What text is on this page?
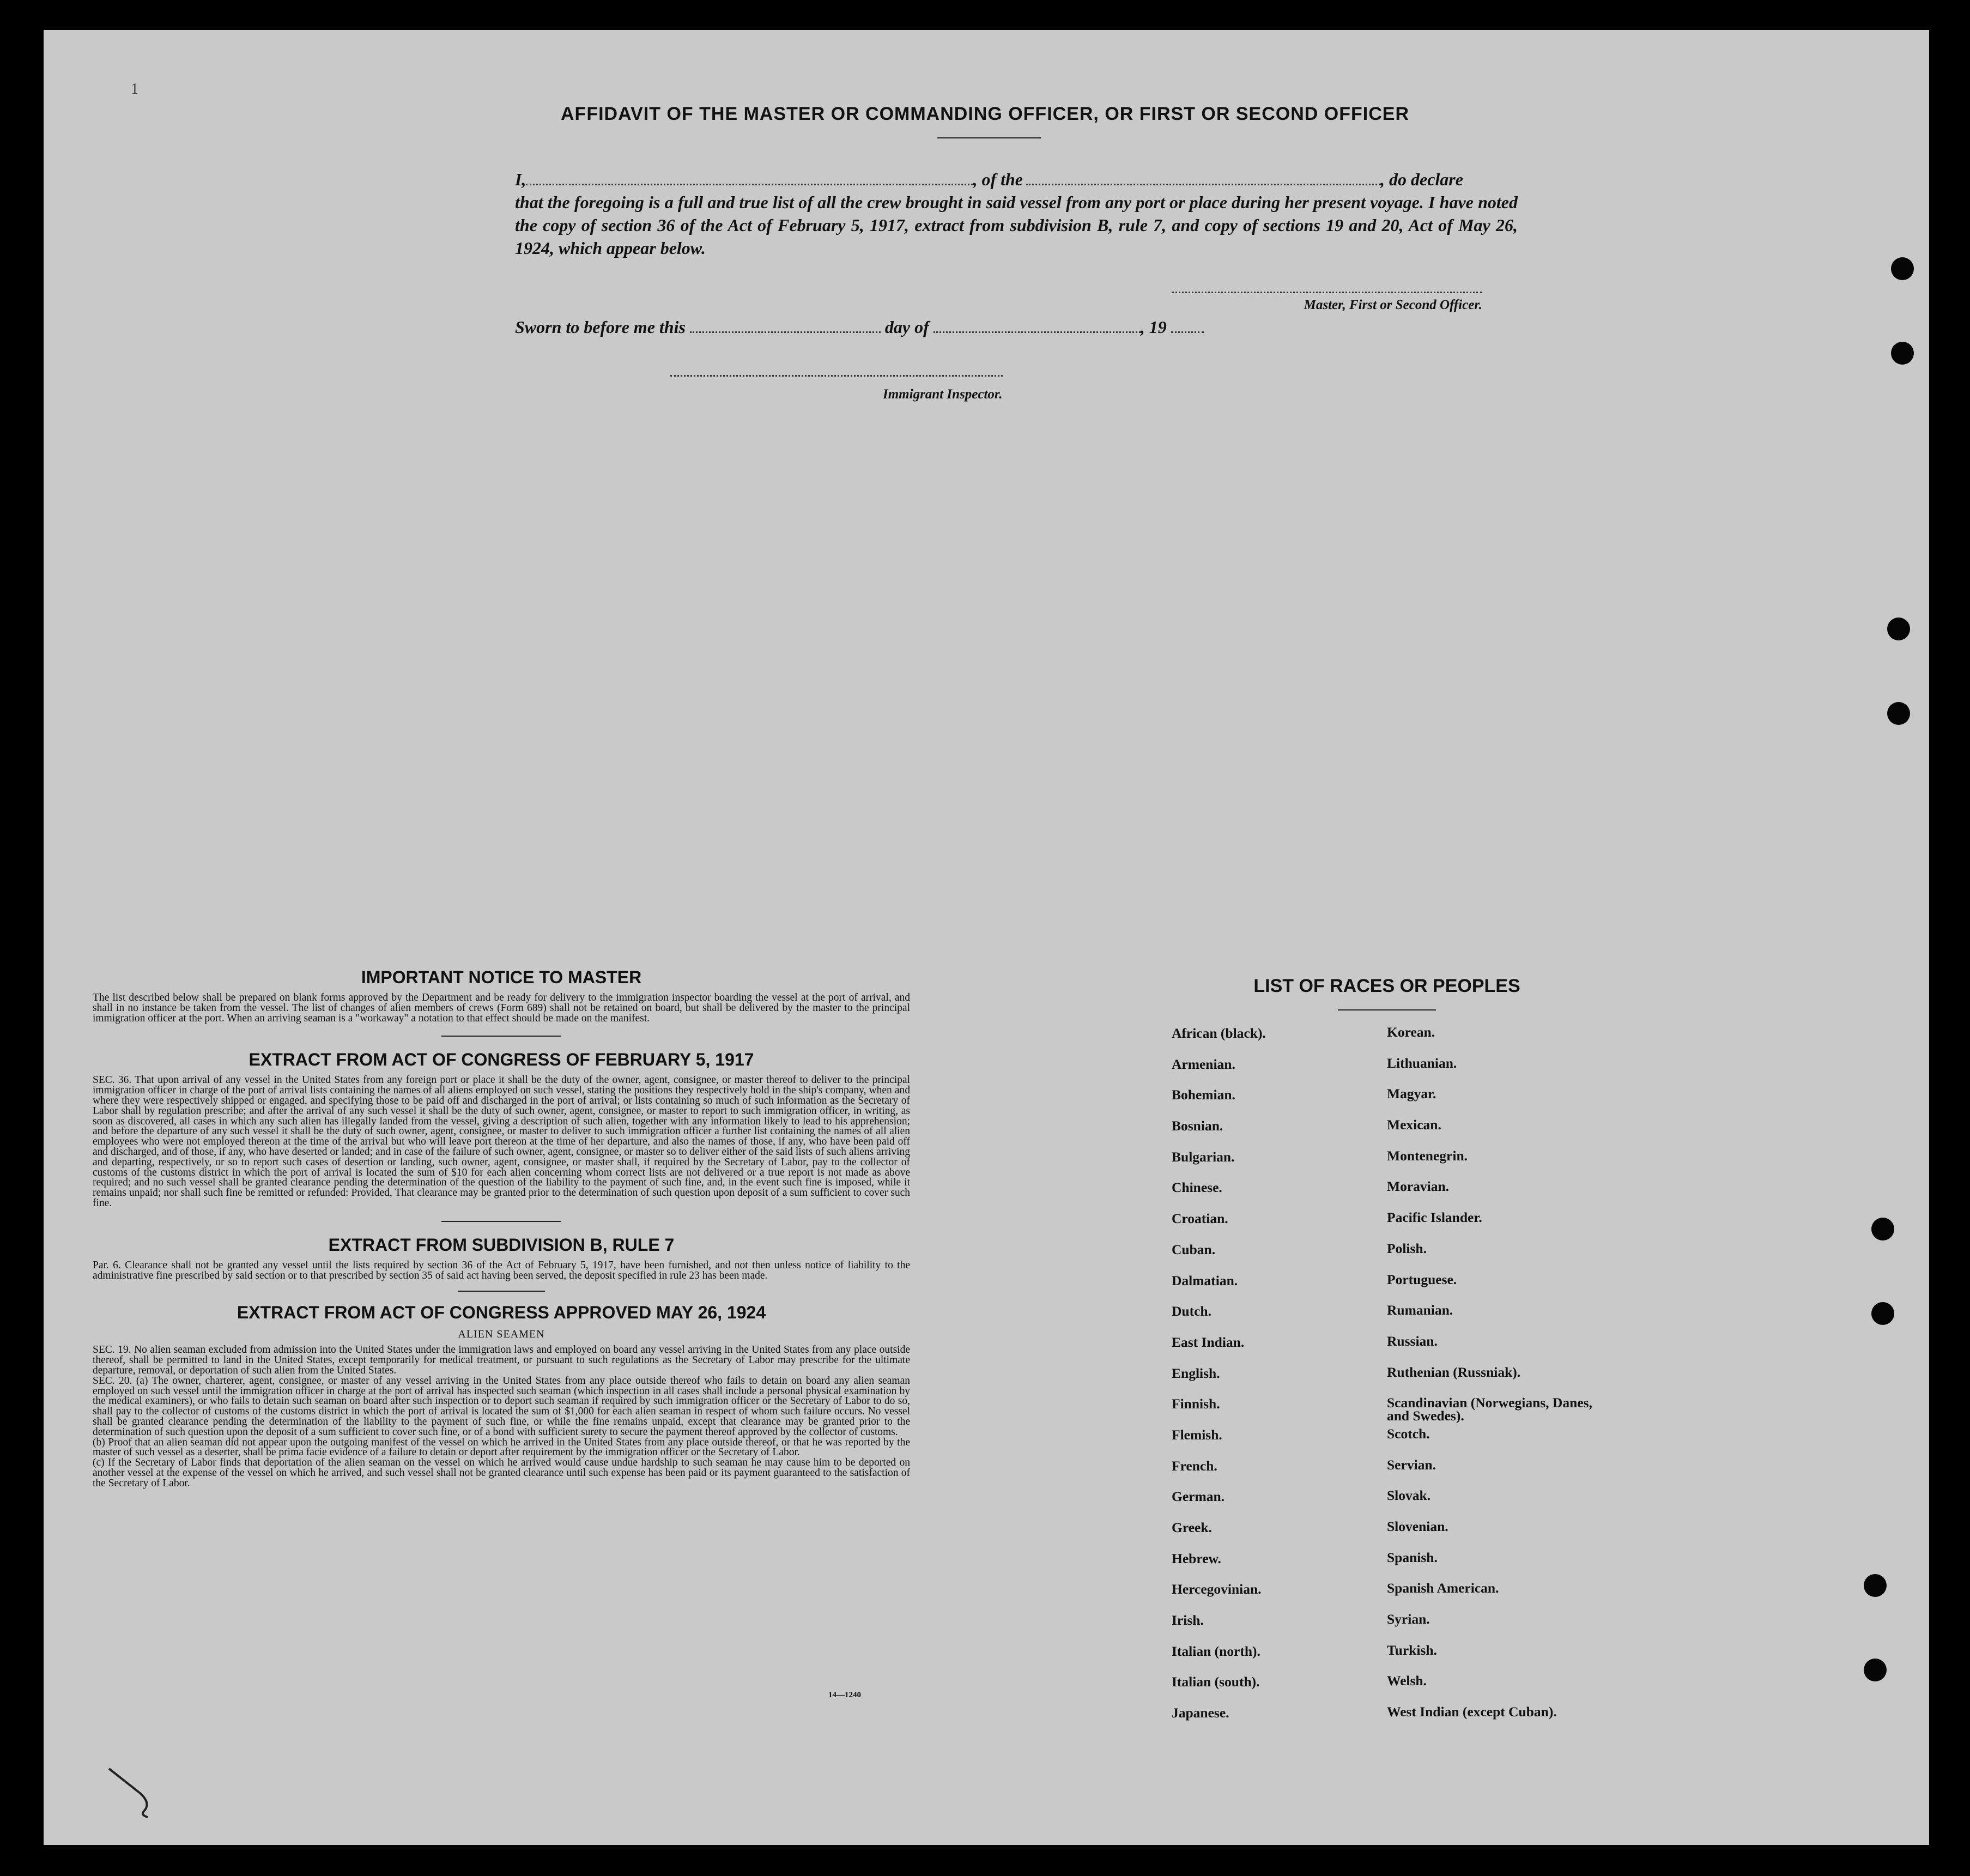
1
AFFIDAVIT OF THE MASTER OR COMMANDING OFFICER, OR FIRST OR SECOND OFFICER
I,	, of the	, do declare
that the foregoing is a full and true list of all the crew brought in said vessel from any port or place during her present voyage. I have noted the copy of section 36 of the Act of February 5, 1917, extract from subdivision B, rule 7, and copy of sections 19 and 20, Act of May 26, 1924, which appear below.
Master, First or Second Officer.
Sworn to before me this	day of	, 19
Immigrant Inspector.
IMPORTANT NOTICE TO MASTER

The list described below shall be prepared on blank forms approved by the Department and be ready for delivery to the immigration inspector boarding the vessel at the port of arrival, and shall in no instance be taken from the vessel. The list of changes of alien members of crews (Form 689) shall not be retained on board, but shall be delivered by the master to the principal immigration officer at the port. When an arriving seaman is a "workaway" a notation to that effect should be made on the manifest.

EXTRACT FROM ACT OF CONGRESS OF FEBRUARY 5, 1917

SEC. 36. That upon arrival of any vessel in the United States from any foreign port or place it shall be the duty of the owner, agent, consignee, or master thereof to deliver to the principal immigration officer in charge of the port of arrival lists containing the names of all aliens employed on such vessel, stating the positions they respectively hold in the ship's company, when and where they were respectively shipped or engaged, and specifying those to be paid off and discharged in the port of arrival; or lists containing so much of such information as the Secretary of Labor shall by regulation prescribe; and after the arrival of any such vessel it shall be the duty of such owner, agent, consignee, or master to report to such immigration officer, in writing, as soon as discovered, all cases in which any such alien has illegally landed from the vessel, giving a description of such alien, together with any information likely to lead to his apprehension; and before the departure of any such vessel it shall be the duty of such owner, agent, consignee, or master to deliver to such immigration officer a further list containing the names of all alien employees who were not employed thereon at the time of the arrival but who will leave port thereon at the time of her departure, and also the names of those, if any, who have been paid off and discharged, and of those, if any, who have deserted or landed; and in case of the failure of such owner, agent, consignee, or master so to deliver either of the said lists of such aliens arriving and departing, respectively, or so to report such cases of desertion or landing, such owner, agent, consignee, or master shall, if required by the Secretary of Labor, pay to the collector of customs of the customs district in which the port of arrival is located the sum of $10 for each alien concerning whom correct lists are not delivered or a true report is not made as above required; and no such vessel shall be granted clearance pending the determination of the question of the liability to the payment of such fine, and, in the event such fine is imposed, while it remains unpaid; nor shall such fine be remitted or refunded: Provided, That clearance may be granted prior to the determination of such question upon deposit of a sum sufficient to cover such fine.

EXTRACT FROM SUBDIVISION B, RULE 7

Par. 6. Clearance shall not be granted any vessel until the lists required by section 36 of the Act of February 5, 1917, have been furnished, and not then unless notice of liability to the administrative fine prescribed by said section or to that prescribed by section 35 of said act having been served, the deposit specified in rule 23 has been made.

EXTRACT FROM ACT OF CONGRESS APPROVED MAY 26, 1924
ALIEN SEAMEN

SEC. 19. No alien seaman excluded from admission into the United States under the immigration laws and employed on board any vessel arriving in the United States from any place outside thereof, shall be permitted to land in the United States, except temporarily for medical treatment, or pursuant to such regulations as the Secretary of Labor may prescribe for the ultimate departure, removal, or deportation of such alien from the United States.

SEC. 20. (a) The owner, charterer, agent, consignee, or master of any vessel arriving in the United States from any place outside thereof who fails to detain on board any alien seaman employed on such vessel until the immigration officer in charge at the port of arrival has inspected such seaman (which inspection in all cases shall include a personal physical examination by the medical examiners), or who fails to detain such seaman on board after such inspection or to deport such seaman if required by such immigration officer or the Secretary of Labor to do so, shall pay to the collector of customs of the customs district in which the port of arrival is located the sum of $1,000 for each alien seaman in respect of whom such failure occurs. No vessel shall be granted clearance pending the determination of the liability to the payment of such fine, or while the fine remains unpaid, except that clearance may be granted prior to the determination of such question upon the deposit of a sum sufficient to cover such fine, or of a bond with sufficient surety to secure the payment thereof approved by the collector of customs.

(b) Proof that an alien seaman did not appear upon the outgoing manifest of the vessel on which he arrived in the United States from any place outside thereof, or that he was reported by the master of such vessel as a deserter, shall be prima facie evidence of a failure to detain or deport after requirement by the immigration officer or the Secretary of Labor.

(c) If the Secretary of Labor finds that deportation of the alien seaman on the vessel on which he arrived would cause undue hardship to such seaman he may cause him to be deported on another vessel at the expense of the vessel on which he arrived, and such vessel shall not be granted clearance until such expense has been paid or its payment guaranteed to the satisfaction of the Secretary of Labor.

14—1240
LIST OF RACES OR PEOPLES
African (black).	Korean.
Armenian.	Lithuanian.
Bohemian.	Magyar.
Bosnian.	Mexican.
Bulgarian.	Montenegrin.
Chinese.	Moravian.
Croatian.	Pacific Islander.
Cuban.	Polish.
Dalmatian.	Portuguese.
Dutch.	Rumanian.
East Indian.	Russian.
English.	Ruthenian (Russniak).
Finnish.	Scandinavian (Norwegians, Danes, and Swedes).
Flemish.	Scotch.
French.	Servian.
German.	Slovak.
Greek.	Slovenian.
Hebrew.	Spanish.
Hercegovinian.	Spanish American.
Irish.	Syrian.
Italian (north).	Turkish.
Italian (south).	Welsh.
Japanese.	West Indian (except Cuban).
